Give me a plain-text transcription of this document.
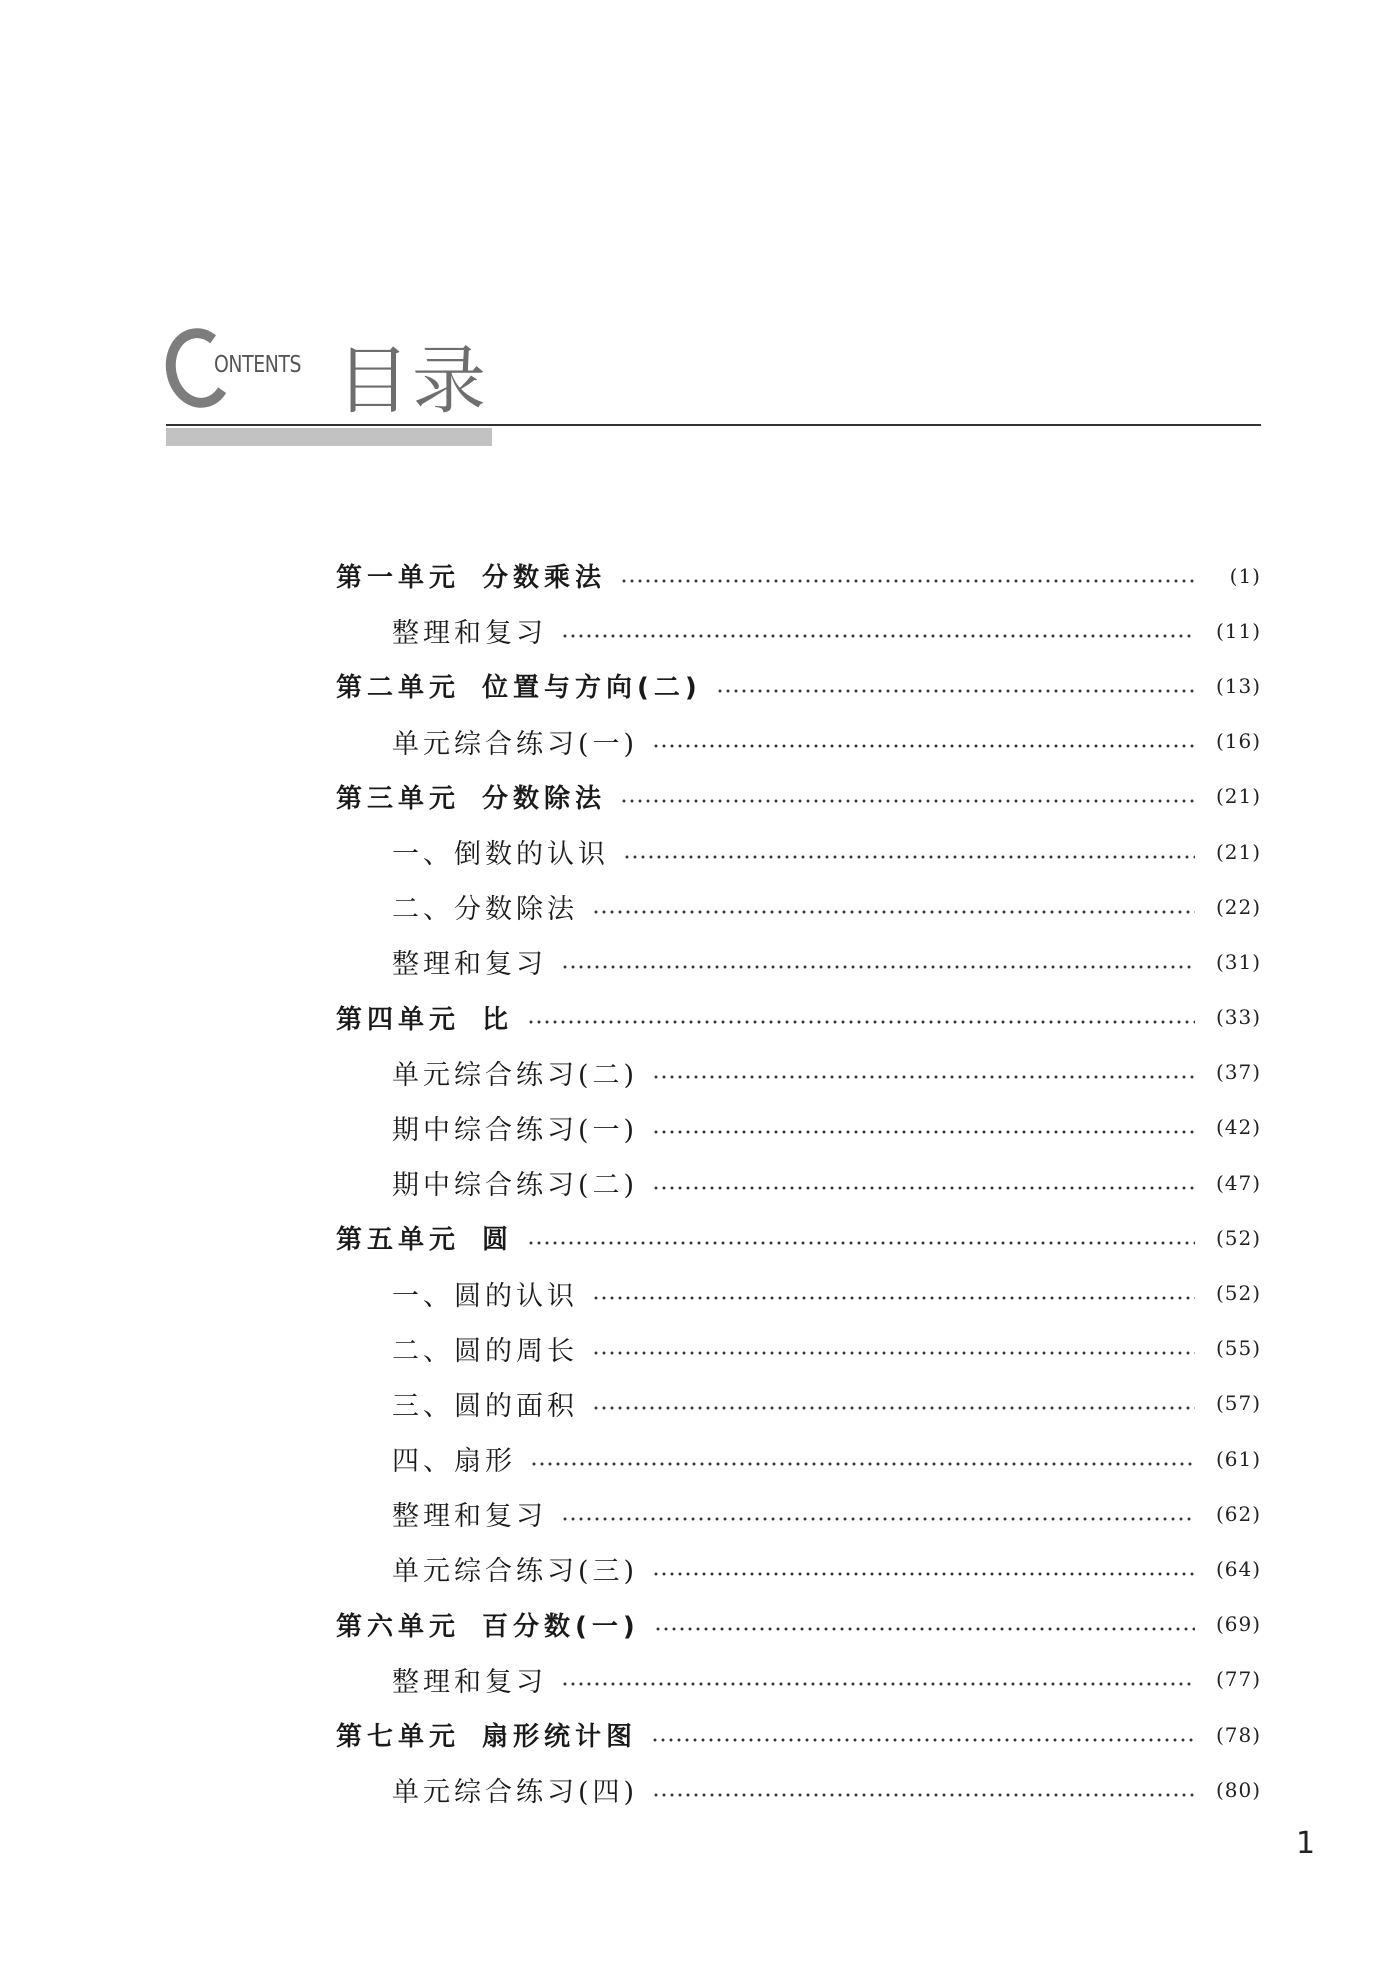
ONTENTS 目录
第一单元 分数乘法	(1)
整理和复习	(11)
第二单元 位置与方向(二)	(13)
单元综合练习(一)	(16)
第三单元 分数除法	(21)
一、倒数的认识	(21)
二、分数除法	(22)
整理和复习	(31)
第四单元 比	(33)
单元综合练习(二)	(37)
期中综合练习(一)	(42)
期中综合练习(二)	(47)
第五单元 圆	(52)
一、圆的认识	(52)
二、圆的周长	(55)
三、圆的面积	(57)
四、扇形	(61)
整理和复习	(62)
单元综合练习(三)	(64)
第六单元 百分数(一)	(69)
整理和复习	(77)
第七单元 扇形统计图	(78)
单元综合练习(四)	(80)
1
